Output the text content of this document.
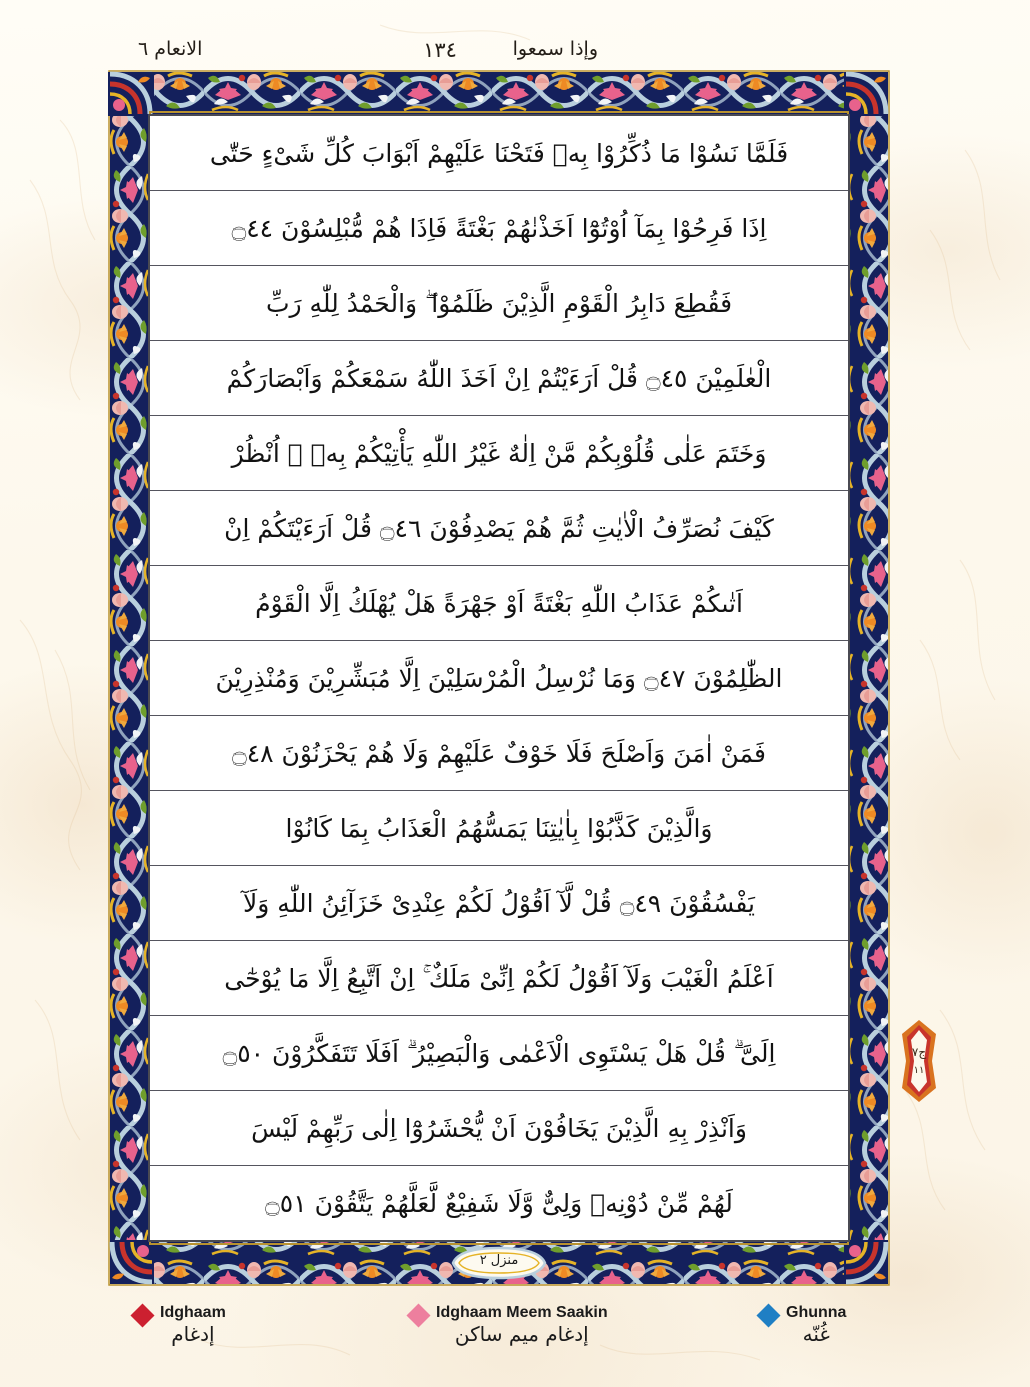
الانعام ٦	١٣٤	وإذا سمعوا
فَلَمَّا نَسُوْا مَا ذُكِّرُوْا بِهٖ فَتَحْنَا عَلَيْهِمْ اَبْوَابَ كُلِّ شَىْءٍ حَتّٰى
اِذَا فَرِحُوْا بِمَآ اُوْتُوْٓا اَخَذْنٰهُمْ بَغْتَةً فَاِذَا هُمْ مُّبْلِسُوْنَ ۝٤٤
فَقُطِعَ دَابِرُ الْقَوْمِ الَّذِيْنَ ظَلَمُوْا ۖ وَالْحَمْدُ لِلّٰهِ رَبِّ
الْعٰلَمِيْنَ ۝٤٥ قُلْ اَرَءَيْتُمْ اِنْ اَخَذَ اللّٰهُ سَمْعَكُمْ وَاَبْصَارَكُمْ
وَخَتَمَ عَلٰى قُلُوْبِكُمْ مَّنْ اِلٰهٌ غَيْرُ اللّٰهِ يَأْتِيْكُمْ بِهٖ ۗ اُنْظُرْ
كَيْفَ نُصَرِّفُ الْاٰيٰتِ ثُمَّ هُمْ يَصْدِفُوْنَ ۝٤٦ قُلْ اَرَءَيْتَكُمْ اِنْ
اَتٰىكُمْ عَذَابُ اللّٰهِ بَغْتَةً اَوْ جَهْرَةً هَلْ يُهْلَكُ اِلَّا الْقَوْمُ
الظّٰلِمُوْنَ ۝٤٧ وَمَا نُرْسِلُ الْمُرْسَلِيْنَ اِلَّا مُبَشِّرِيْنَ وَمُنْذِرِيْنَ
فَمَنْ اٰمَنَ وَاَصْلَحَ فَلَا خَوْفٌ عَلَيْهِمْ وَلَا هُمْ يَحْزَنُوْنَ ۝٤٨
وَالَّذِيْنَ كَذَّبُوْا بِاٰيٰتِنَا يَمَسُّهُمُ الْعَذَابُ بِمَا كَانُوْا
يَفْسُقُوْنَ ۝٤٩ قُلْ لَّآ اَقُوْلُ لَكُمْ عِنْدِىْ خَزَآئِنُ اللّٰهِ وَلَآ
اَعْلَمُ الْغَيْبَ وَلَآ اَقُوْلُ لَكُمْ اِنِّىْ مَلَكٌ ۚ اِنْ اَتَّبِعُ اِلَّا مَا يُوْحٰٓى
اِلَىَّ ۗ قُلْ هَلْ يَسْتَوِى الْاَعْمٰى وَالْبَصِيْرُ ۗ اَفَلَا تَتَفَكَّرُوْنَ ۝٥٠
وَاَنْذِرْ بِهِ الَّذِيْنَ يَخَافُوْنَ اَنْ يُّحْشَرُوْٓا اِلٰى رَبِّهِمْ لَيْسَ
لَهُمْ مِّنْ دُوْنِهٖ وَلِىٌّ وَّلَا شَفِيْعٌ لَّعَلَّهُمْ يَتَّقُوْنَ ۝٥١
منزل ٢
ج٧
١١
Idghaam
إدغام
Idghaam Meem Saakin
إدغام ميم ساكن
Ghunna
غُنّه
